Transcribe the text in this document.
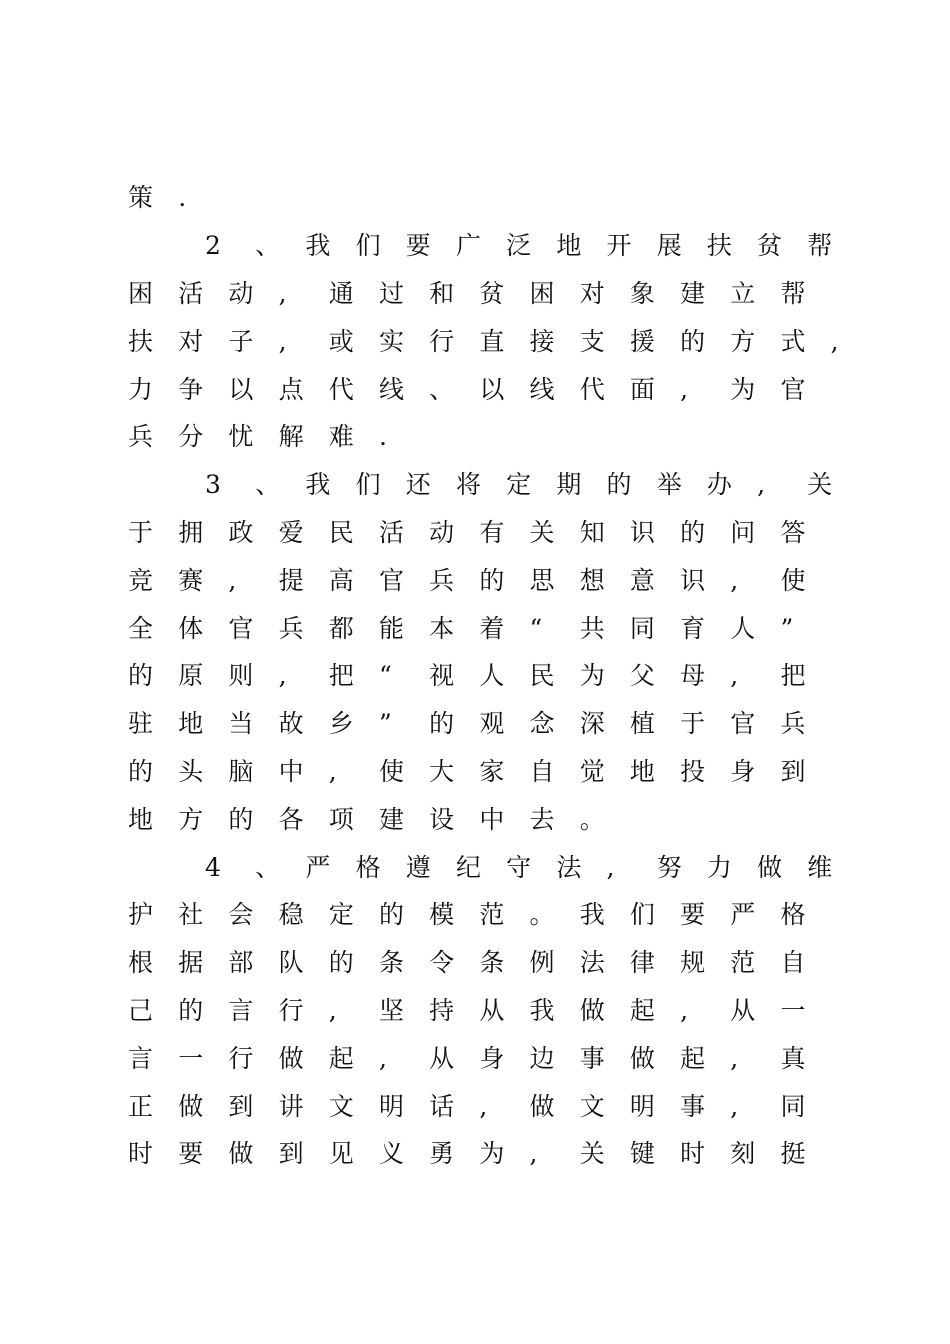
策	.
2	、	我	们	要	广	泛	地	开	展	扶	贫	帮
困	活	动	,	通	过	和	贫	困	对	象	建	立	帮
扶	对	子	,	或	实	行	直	接	支	援	的	方	式	,
力	争	以	点	代	线	、	以	线	代	面	,	为	官
兵	分	忧	解	难	.
3	、	我	们	还	将	定	期	的	举	办	,	关
于	拥	政	爱	民	活	动	有	关	知	识	的	问	答
竞	赛	,	提	高	官	兵	的	思	想	意	识	,	使
全	体	官	兵	都	能	本	着	“	共	同	育	人	”
的	原	则	,	把	“	视	人	民	为	父	母	,	把
驻	地	当	故	乡	”	的	观	念	深	植	于	官	兵
的	头	脑	中	,	使	大	家	自	觉	地	投	身	到
地	方	的	各	项	建	设	中	去	。
4	、	严	格	遵	纪	守	法	,	努	力	做	维
护	社	会	稳	定	的	模	范	。	我	们	要	严	格
根	据	部	队	的	条	令	条	例	法	律	规	范	自
己	的	言	行	,	坚	持	从	我	做	起	,	从	一
言	一	行	做	起	,	从	身	边	事	做	起	,	真
正	做	到	讲	文	明	话	,	做	文	明	事	,	同
时	要	做	到	见	义	勇	为	,	关	键	时	刻	挺
